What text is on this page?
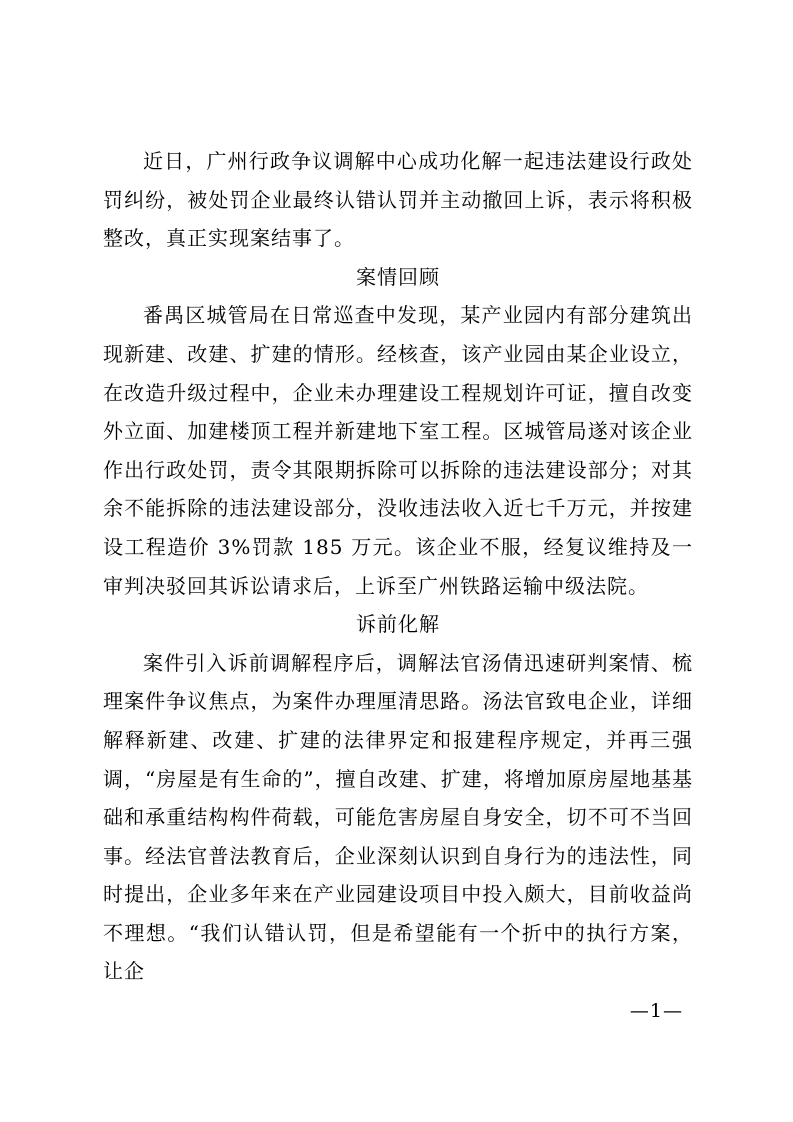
近日，广州行政争议调解中心成功化解一起违法建设行政处罚纠纷，被处罚企业最终认错认罚并主动撤回上诉，表示将积极整改，真正实现案结事了。

案情回顾

番禺区城管局在日常巡查中发现，某产业园内有部分建筑出现新建、改建、扩建的情形。经核查，该产业园由某企业设立，在改造升级过程中，企业未办理建设工程规划许可证，擅自改变外立面、加建楼顶工程并新建地下室工程。区城管局遂对该企业作出行政处罚，责令其限期拆除可以拆除的违法建设部分；对其余不能拆除的违法建设部分，没收违法收入近七千万元，并按建设工程造价 3%罚款 185 万元。该企业不服，经复议维持及一审判决驳回其诉讼请求后，上诉至广州铁路运输中级法院。

诉前化解

案件引入诉前调解程序后，调解法官汤倩迅速研判案情、梳理案件争议焦点，为案件办理厘清思路。汤法官致电企业，详细解释新建、改建、扩建的法律界定和报建程序规定，并再三强调，“房屋是有生命的”，擅自改建、扩建，将增加原房屋地基基础和承重结构构件荷载，可能危害房屋自身安全，切不可不当回事。经法官普法教育后，企业深刻认识到自身行为的违法性，同时提出，企业多年来在产业园建设项目中投入颇大，目前收益尚不理想。“我们认错认罚，但是希望能有一个折中的执行方案，让企

—1—
